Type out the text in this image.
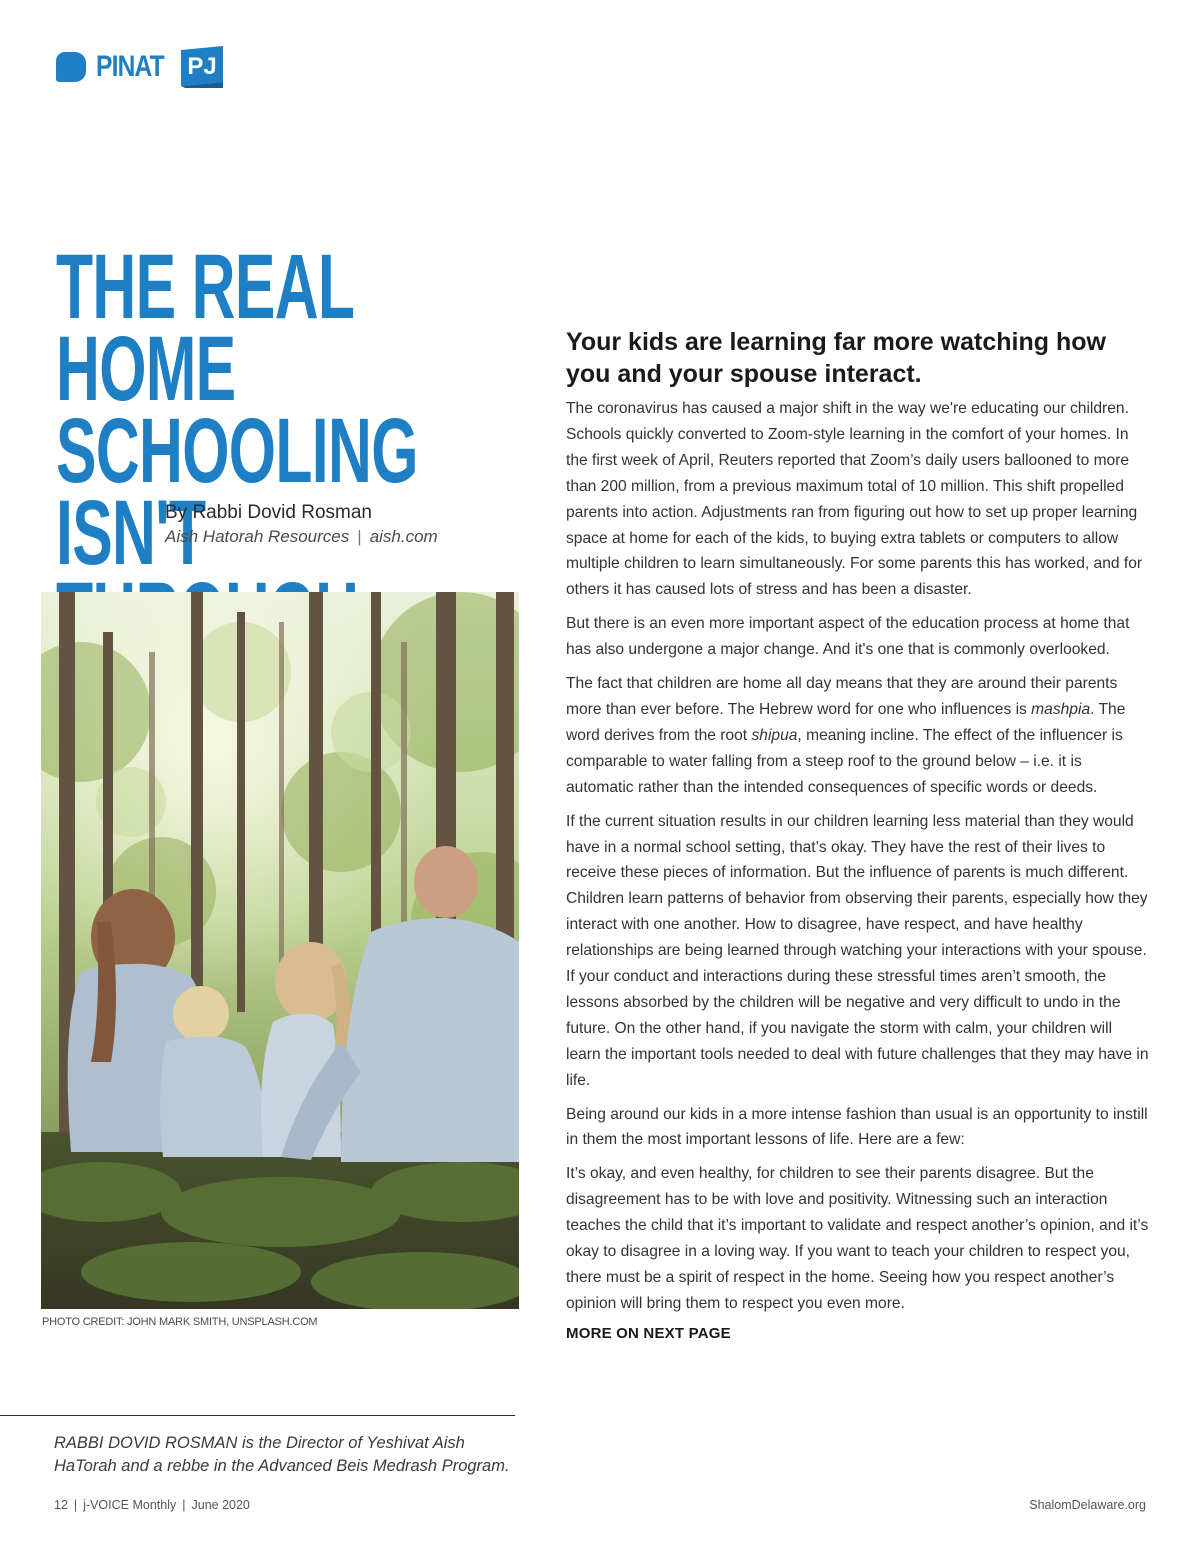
PINAT PJ
THE REAL HOME
SCHOOLING ISN'T
By Rabbi Dovid Rosman
Aish Hatorah Resources | aish.com
PHOTO CREDIT: JOHN MARK SMITH, UNSPLASH.COM

RABBI DOVID ROSMAN is the Director of Yeshivat Aish HaTorah and a rebbe in the Advanced Beis Medrash Program.

Your kids are learning far more watching how you and your spouse interact.

The coronavirus has caused a major shift in the way we're educating our children. Schools quickly converted to Zoom-style learning in the comfort of your homes. In the first week of April, Reuters reported that Zoom’s daily users ballooned to more than 200 million, from a previous maximum total of 10 million. This shift propelled parents into action. Adjustments ran from figuring out how to set up proper learning space at home for each of the kids, to buying extra tablets or computers to allow multiple children to learn simultaneously. For some parents this has worked, and for others it has caused lots of stress and has been a disaster.

But there is an even more important aspect of the education process at home that has also undergone a major change. And it's one that is commonly overlooked.

The fact that children are home all day means that they are around their parents more than ever before. The Hebrew word for one who influences is mashpia. The word derives from the root shipua, meaning incline. The effect of the influencer is comparable to water falling from a steep roof to the ground below – i.e. it is automatic rather than the intended consequences of specific words or deeds.

If the current situation results in our children learning less material than they would have in a normal school setting, that’s okay. They have the rest of their lives to receive these pieces of information. But the influence of parents is much different. Children learn patterns of behavior from observing their parents, especially how they interact with one another. How to disagree, have respect, and have healthy relationships are being learned through watching your interactions with your spouse. If your conduct and interactions during these stressful times aren’t smooth, the lessons absorbed by the children will be negative and very difficult to undo in the future. On the other hand, if you navigate the storm with calm, your children will learn the important tools needed to deal with future challenges that they may have in life.

Being around our kids in a more intense fashion than usual is an opportunity to instill in them the most important lessons of life. Here are a few:

It’s okay, and even healthy, for children to see their parents disagree. But the disagreement has to be with love and positivity. Witnessing such an interaction teaches the child that it’s important to validate and respect another’s opinion, and it’s okay to disagree in a loving way. If you want to teach your children to respect you, there must be a spirit of respect in the home. Seeing how you respect another’s opinion will bring them to respect you even more.

MORE ON NEXT PAGE
12 | j-VOICE Monthly | June 2020	ShalomDelaware.org
